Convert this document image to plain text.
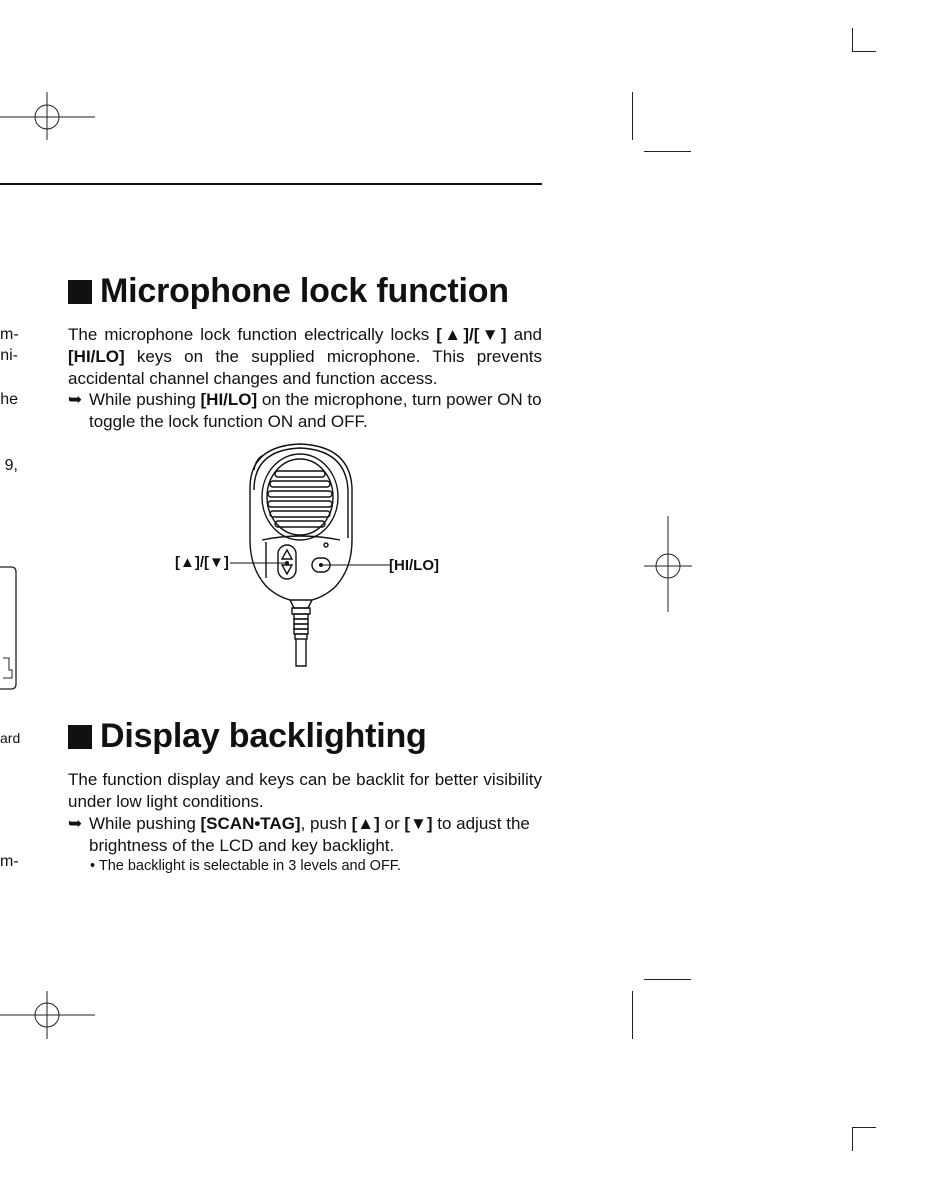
m-
ni-
he
9,
ard
m-
Microphone lock function

The microphone lock function electrically locks [▲]/[▼] and [HI/LO] keys on the supplied microphone. This prevents accidental channel changes and function access.

➥ While pushing [HI/LO] on the microphone, turn power ON to toggle the lock function ON and OFF.

[▲]/[▼]	[HI/LO]
Display backlighting

The function display and keys can be backlit for better visibility under low light conditions.

➥ While pushing [SCAN•TAG], push [▲] or [▼] to adjust the brightness of the LCD and key backlight.

• The backlight is selectable in 3 levels and OFF.
